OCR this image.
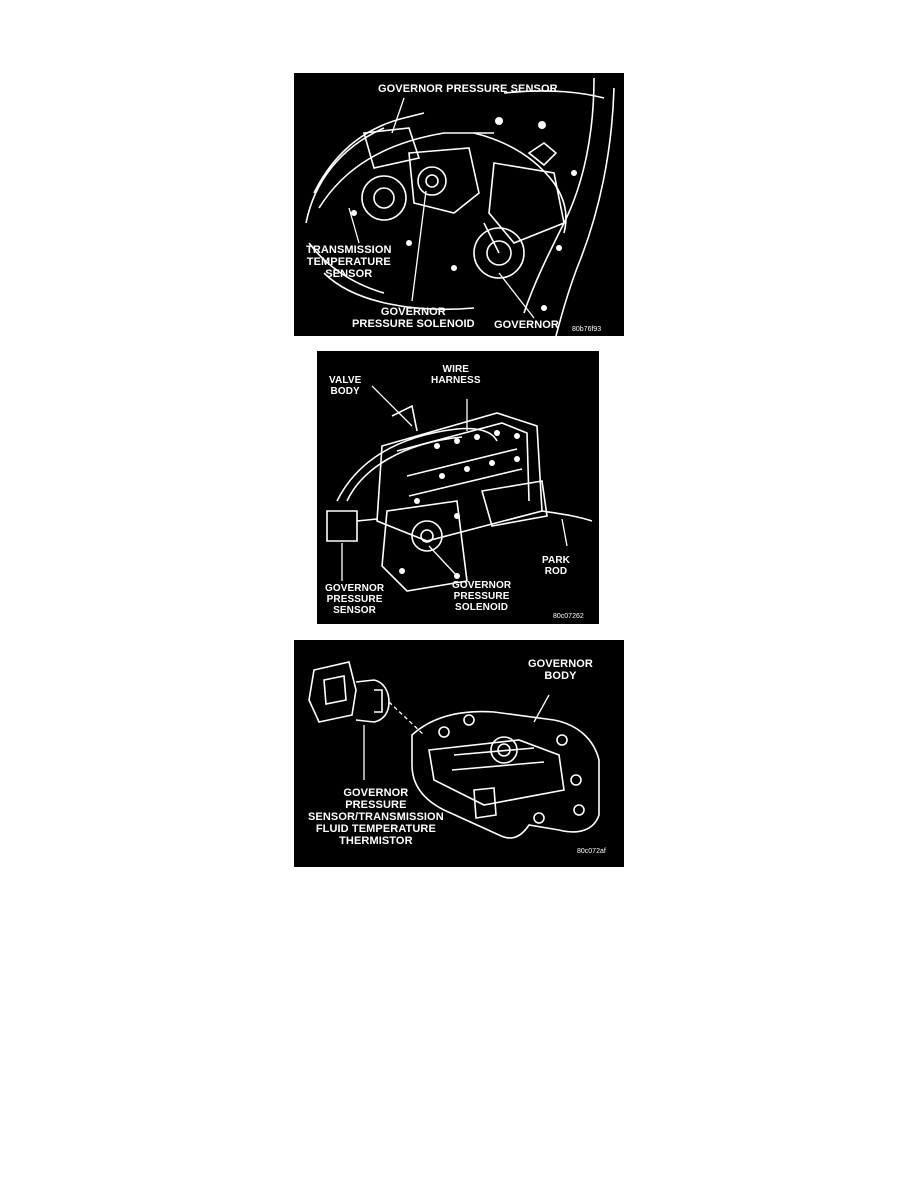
GOVERNOR PRESSURE SENSOR
TRANSMISSION
TEMPERATURE
SENSOR
GOVERNOR
PRESSURE SOLENOID GOVERNOR 80b76f93
VALVE
BODY
WIRE
HARNESS
PARK
ROD
GOVERNOR
PRESSURE
SENSOR
GOVERNOR
PRESSURE
SOLENOID
80c07262
GOVERNOR
BODY
GOVERNOR
PRESSURE
SENSOR/TRANSMISSION
FLUID TEMPERATURE
THERMISTOR
80c072af
